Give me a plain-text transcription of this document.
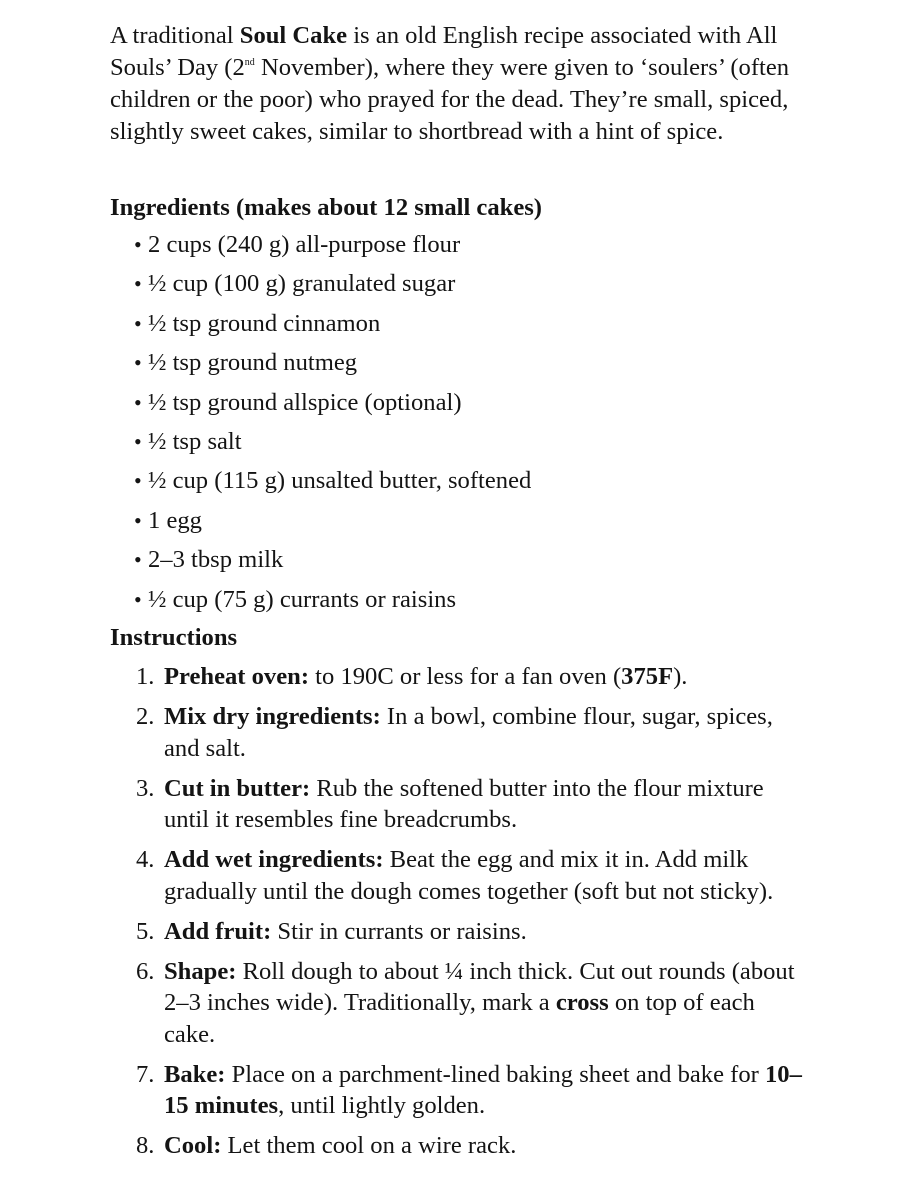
A traditional Soul Cake is an old English recipe associated with All Souls’ Day (2nd November), where they were given to ‘soulers’ (often children or the poor) who prayed for the dead. They’re small, spiced, slightly sweet cakes, similar to shortbread with a hint of spice.

Ingredients (makes about 12 small cakes)
• 2 cups (240 g) all-purpose flour
• ½ cup (100 g) granulated sugar
• ½ tsp ground cinnamon
• ½ tsp ground nutmeg
• ½ tsp ground allspice (optional)
• ½ tsp salt
• ½ cup (115 g) unsalted butter, softened
• 1 egg
• 2–3 tbsp milk
• ½ cup (75 g) currants or raisins
Instructions
1. Preheat oven: to 190C or less for a fan oven (375F).
2. Mix dry ingredients: In a bowl, combine flour, sugar, spices, and salt.
3. Cut in butter: Rub the softened butter into the flour mixture until it resembles fine breadcrumbs.
4. Add wet ingredients: Beat the egg and mix it in. Add milk gradually until the dough comes together (soft but not sticky).
5. Add fruit: Stir in currants or raisins.
6. Shape: Roll dough to about ¼ inch thick. Cut out rounds (about 2–3 inches wide). Traditionally, mark a cross on top of each cake.
7. Bake: Place on a parchment-lined baking sheet and bake for 10–15 minutes, until lightly golden.
8. Cool: Let them cool on a wire rack.
